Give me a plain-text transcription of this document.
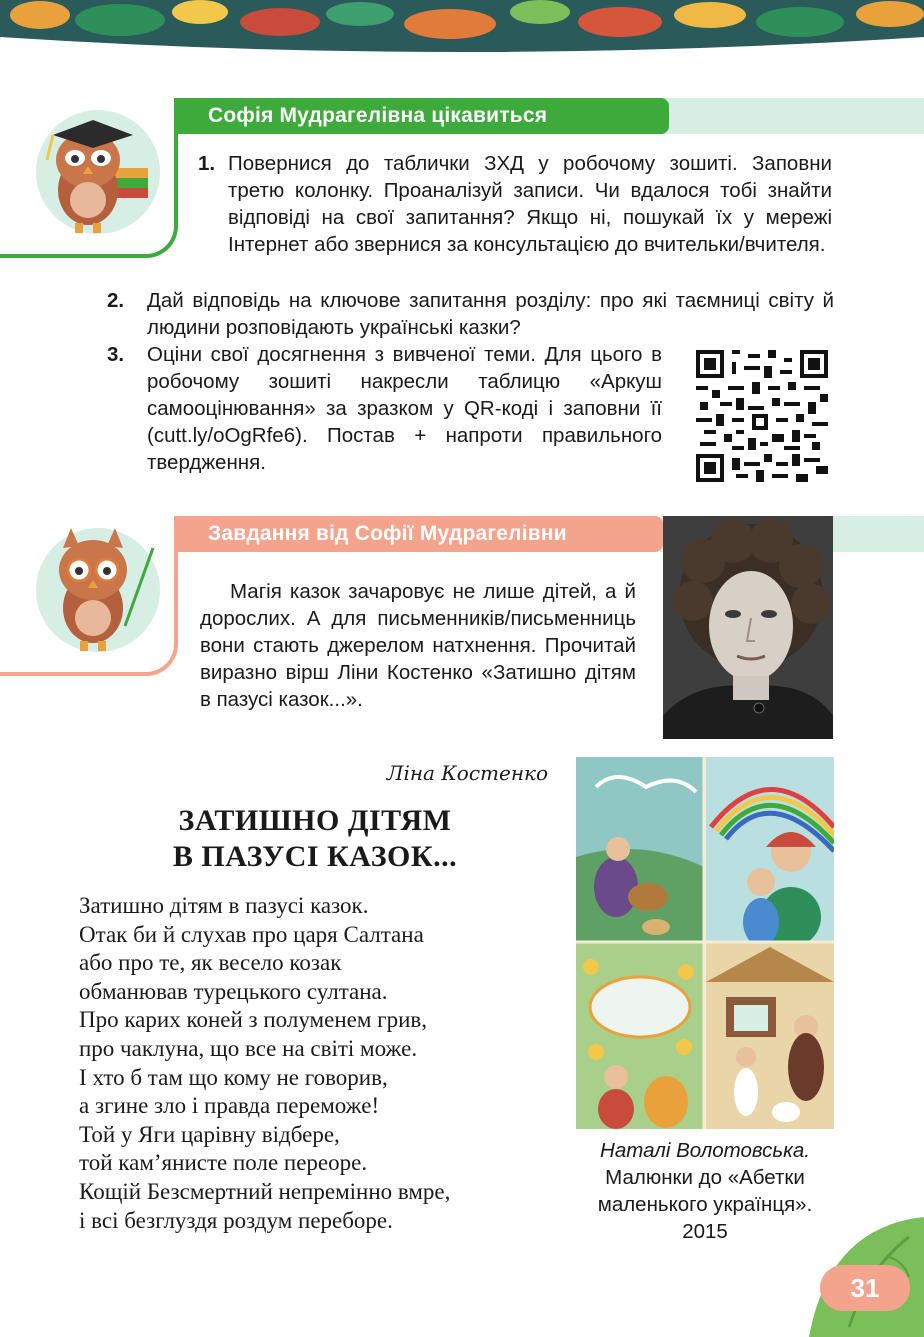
Софія Мудрагелівна цікавиться
1. Повернися до таблички ЗХД у робочому зошиті. Заповни третю колонку. Проаналізуй записи. Чи вдалося тобі знайти відповіді на свої запитання? Якщо ні, пошукай їх у мережі Інтернет або звернися за консультацією до вчительки/вчителя.
2. Дай відповідь на ключове запитання розділу: про які таємниці світу й людини розповідають українські казки?
3. Оціни свої досягнення з вивченої теми. Для цього в робочому зошиті накресли таблицю «Аркуш самооцінювання» за зразком у QR-коді і заповни її (cutt.ly/oOgRfe6). Постав + напроти правильного твердження.
Завдання від Софії Мудрагелівни
Магія казок зачаровує не лише дітей, а й дорослих. А для письменників/письменниць вони стають джерелом натхнення. Прочитай виразно вірш Ліни Костенко «Затишно дітям в пазусі казок...».
Ліна Костенко
ЗАТИШНО ДІТЯМ
В ПАЗУСІ КАЗОК...
Затишно дітям в пазусі казок.
Отак би й слухав про царя Салтана
або про те, як весело козак
обманював турецького султана.
Про карих коней з полуменем грив,
про чаклуна, що все на світі може.
І хто б там що кому не говорив,
а згине зло і правда переможе!
Той у Яги царівну відбере,
той кам’янисте поле переоре.
Кощій Безсмертний непремінно вмре,
і всі безглуздя роздум переборе.
Наталі Волотовська.
Малюнки до «Абетки
маленького українця».
2015
31
